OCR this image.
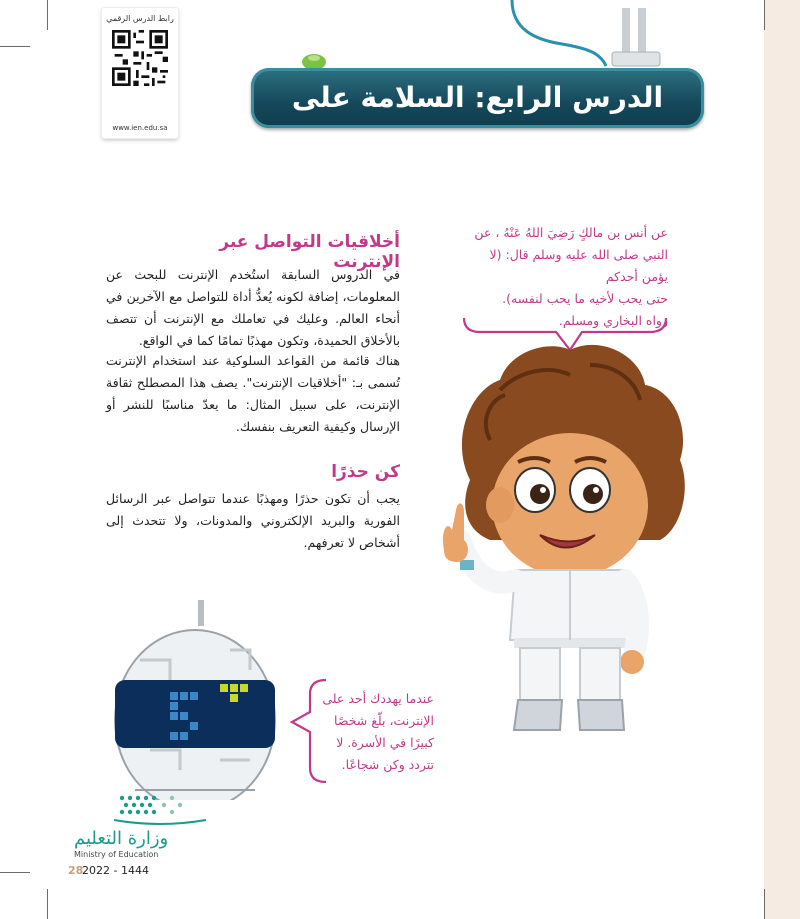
رابط الدرس الرقمي
www.ien.edu.sa
الدرس الرابع: السلامة على الإنترنت
عن أنس بن مالكٍ رَضِيَ اللهُ عَنْهُ ، عن
النبي صلى الله عليه وسلم قال: (لا يؤمن أحدكم
حتى يحب لأخيه ما يحب لنفسه).
رواه البخاري ومسلم.
أخلاقيات التواصل عبر الإنترنت
في الدروس السابقة استُخدم الإنترنت للبحث عن المعلومات، إضافة لكونه يُعدُّ أداة للتواصل مع الآخرين في أنحاء العالم. وعليك في تعاملك مع الإنترنت أن تتصف بالأخلاق الحميدة، وتكون مهذبًا تمامًا كما في الواقع.
هناك قائمة من القواعد السلوكية عند استخدام الإنترنت تُسمى بـ: "أخلاقيات الإنترنت". يصف هذا المصطلح ثقافة الإنترنت، على سبيل المثال: ما يعدّ مناسبًا للنشر أو الإرسال وكيفية التعريف بنفسك.
كن حذرًا
يجب أن تكون حذرًا ومهذبًا عندما تتواصل عبر الرسائل الفورية والبريد الإلكتروني والمدونات، ولا تتحدث إلى أشخاص لا تعرفهم.
عندما يهددك أحد على
الإنترنت، بلّغ شخصًا
كبيرًا في الأسرة. لا
تتردد وكن شجاعًا.
وزارة التعليم
Ministry of Education
2022 - 1444
28
